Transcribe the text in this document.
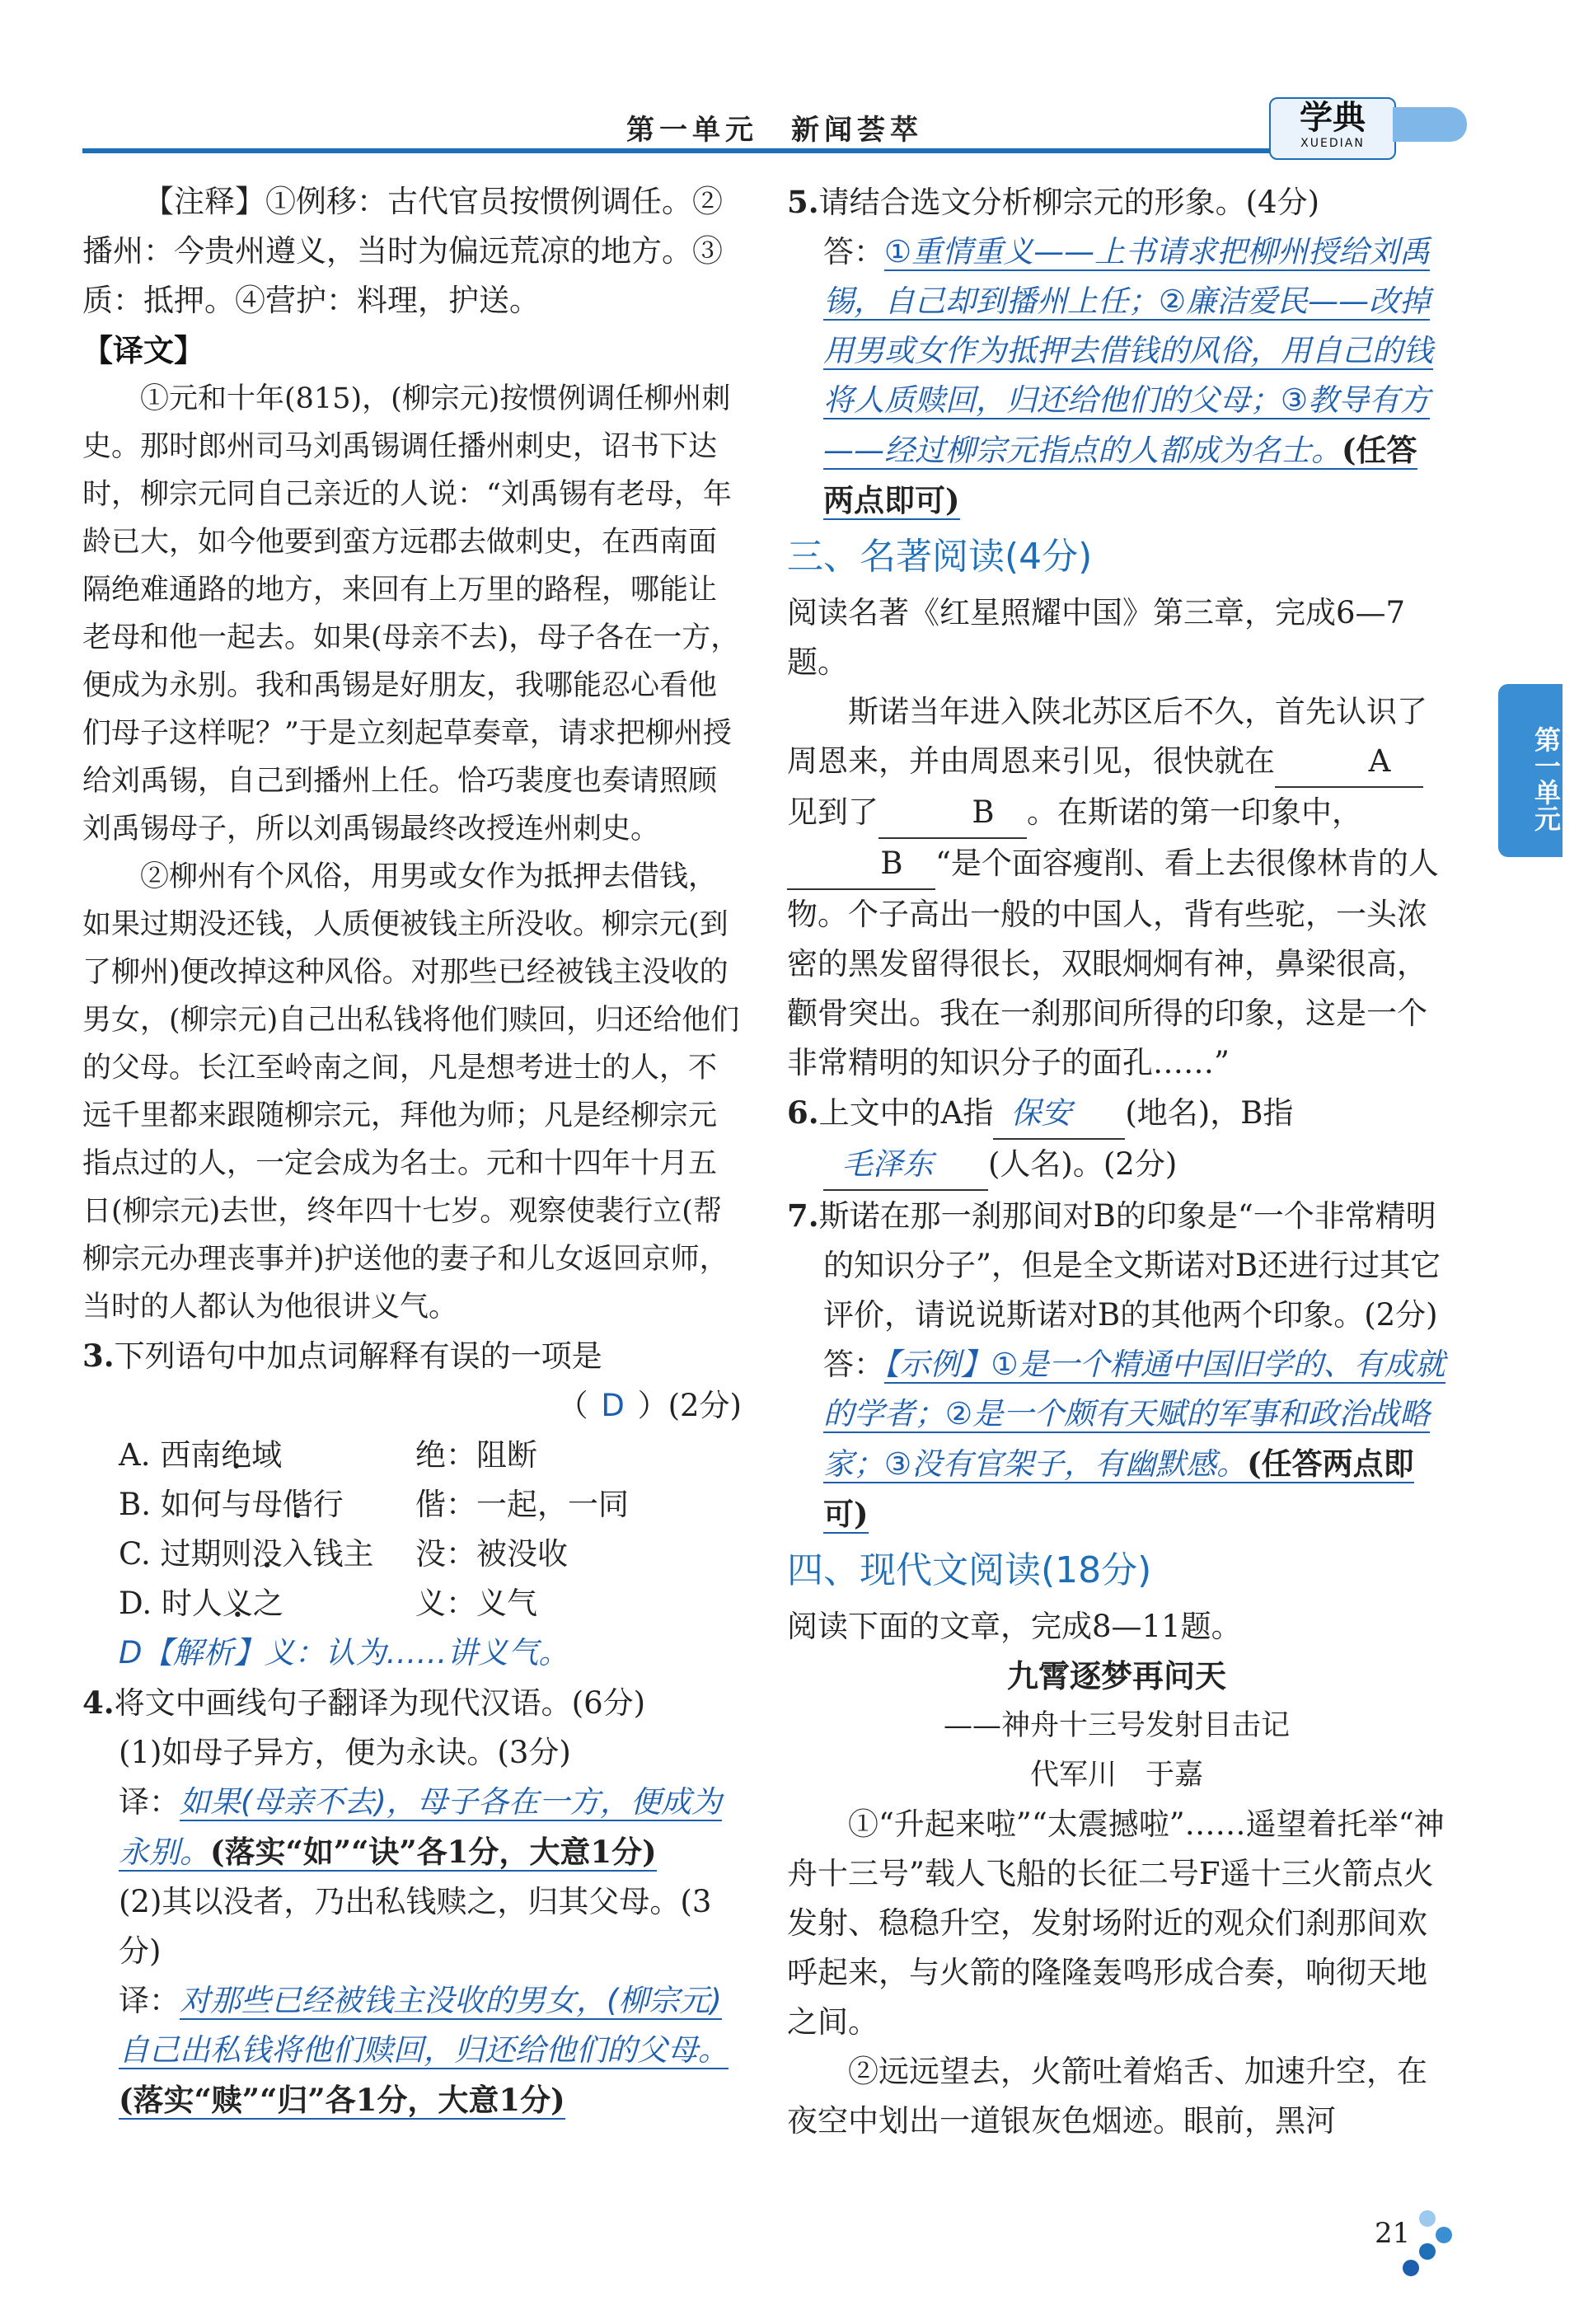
第一单元　新闻荟萃	学典
XUEDIAN

【注释】①例移：古代官员按惯例调任。②播州：今贵州遵义，当时为偏远荒凉的地方。③质：抵押。④营护：料理，护送。

【译文】

①元和十年(815)，(柳宗元)按惯例调任柳州刺史。那时郎州司马刘禹锡调任播州刺史，诏书下达时，柳宗元同自己亲近的人说：“刘禹锡有老母，年龄已大，如今他要到蛮方远郡去做刺史，在西南面隔绝难通路的地方，来回有上万里的路程，哪能让老母和他一起去。如果(母亲不去)，母子各在一方，便成为永别。我和禹锡是好朋友，我哪能忍心看他们母子这样呢？”于是立刻起草奏章，请求把柳州授给刘禹锡，自己到播州上任。恰巧裴度也奏请照顾刘禹锡母子，所以刘禹锡最终改授连州刺史。

②柳州有个风俗，用男或女作为抵押去借钱，如果过期没还钱，人质便被钱主所没收。柳宗元(到了柳州)便改掉这种风俗。对那些已经被钱主没收的男女，(柳宗元)自己出私钱将他们赎回，归还给他们的父母。长江至岭南之间，凡是想考进士的人，不远千里都来跟随柳宗元，拜他为师；凡是经柳宗元指点过的人，一定会成为名士。元和十四年十月五日(柳宗元)去世，终年四十七岁。观察使裴行立(帮柳宗元办理丧事并)护送他的妻子和儿女返回京师，当时的人都认为他很讲义气。

3.下列语句中加点词解释有误的一项是

（ D ）(2分)

A. 西南绝域	绝：阻断
B. 如何与母偕行	偕：一起，一同
C. 过期则没入钱主	没：被没收
D. 时人义之	义：义气

D【解析】义：认为……讲义气。

4.将文中画线句子翻译为现代汉语。(6分)

(1)如母子异方，便为永诀。(3分)

译：如果(母亲不去)，母子各在一方，便成为永别。(落实“如”“诀”各1分，大意1分)

(2)其以没者，乃出私钱赎之，归其父母。(3分)

译：对那些已经被钱主没收的男女，(柳宗元)自己出私钱将他们赎回，归还给他们的父母。(落实“赎”“归”各1分，大意1分)

5.请结合选文分析柳宗元的形象。(4分)

答：①重情重义——上书请求把柳州授给刘禹锡，自己却到播州上任；②廉洁爱民——改掉用男或女作为抵押去借钱的风俗，用自己的钱将人质赎回，归还给他们的父母；③教导有方——经过柳宗元指点的人都成为名士。(任答两点即可)

三、名著阅读(4分)

阅读名著《红星照耀中国》第三章，完成6—7题。

斯诺当年进入陕北苏区后不久，首先认识了周恩来，并由周恩来引见，很快就在	A见到了	B 。在斯诺的第一印象中，B “是个面容瘦削、看上去很像林肯的人物。个子高出一般的中国人，背有些驼，一头浓密的黑发留得很长，双眼炯炯有神，鼻梁很高，颧骨突出。我在一刹那间所得的印象，这是一个非常精明的知识分子的面孔……”

6.上文中的A指 保安 (地名)，B指毛泽东 (人名)。(2分)

7.斯诺在那一刹那间对B的印象是“一个非常精明的知识分子”，但是全文斯诺对B还进行过其它评价，请说说斯诺对B的其他两个印象。(2分)

答：【示例】①是一个精通中国旧学的、有成就的学者；②是一个颇有天赋的军事和政治战略家；③没有官架子，有幽默感。(任答两点即可)

四、现代文阅读(18分)

阅读下面的文章，完成8—11题。

九霄逐梦再问天

——神舟十三号发射目击记

代军川　于嘉

①“升起来啦”“太震撼啦”……遥望着托举“神舟十三号”载人飞船的长征二号F遥十三火箭点火发射、稳稳升空，发射场附近的观众们刹那间欢呼起来，与火箭的隆隆轰鸣形成合奏，响彻天地之间。

②远远望去，火箭吐着焰舌、加速升空，在夜空中划出一道银灰色烟迹。眼前，黑河

第一单元
21
